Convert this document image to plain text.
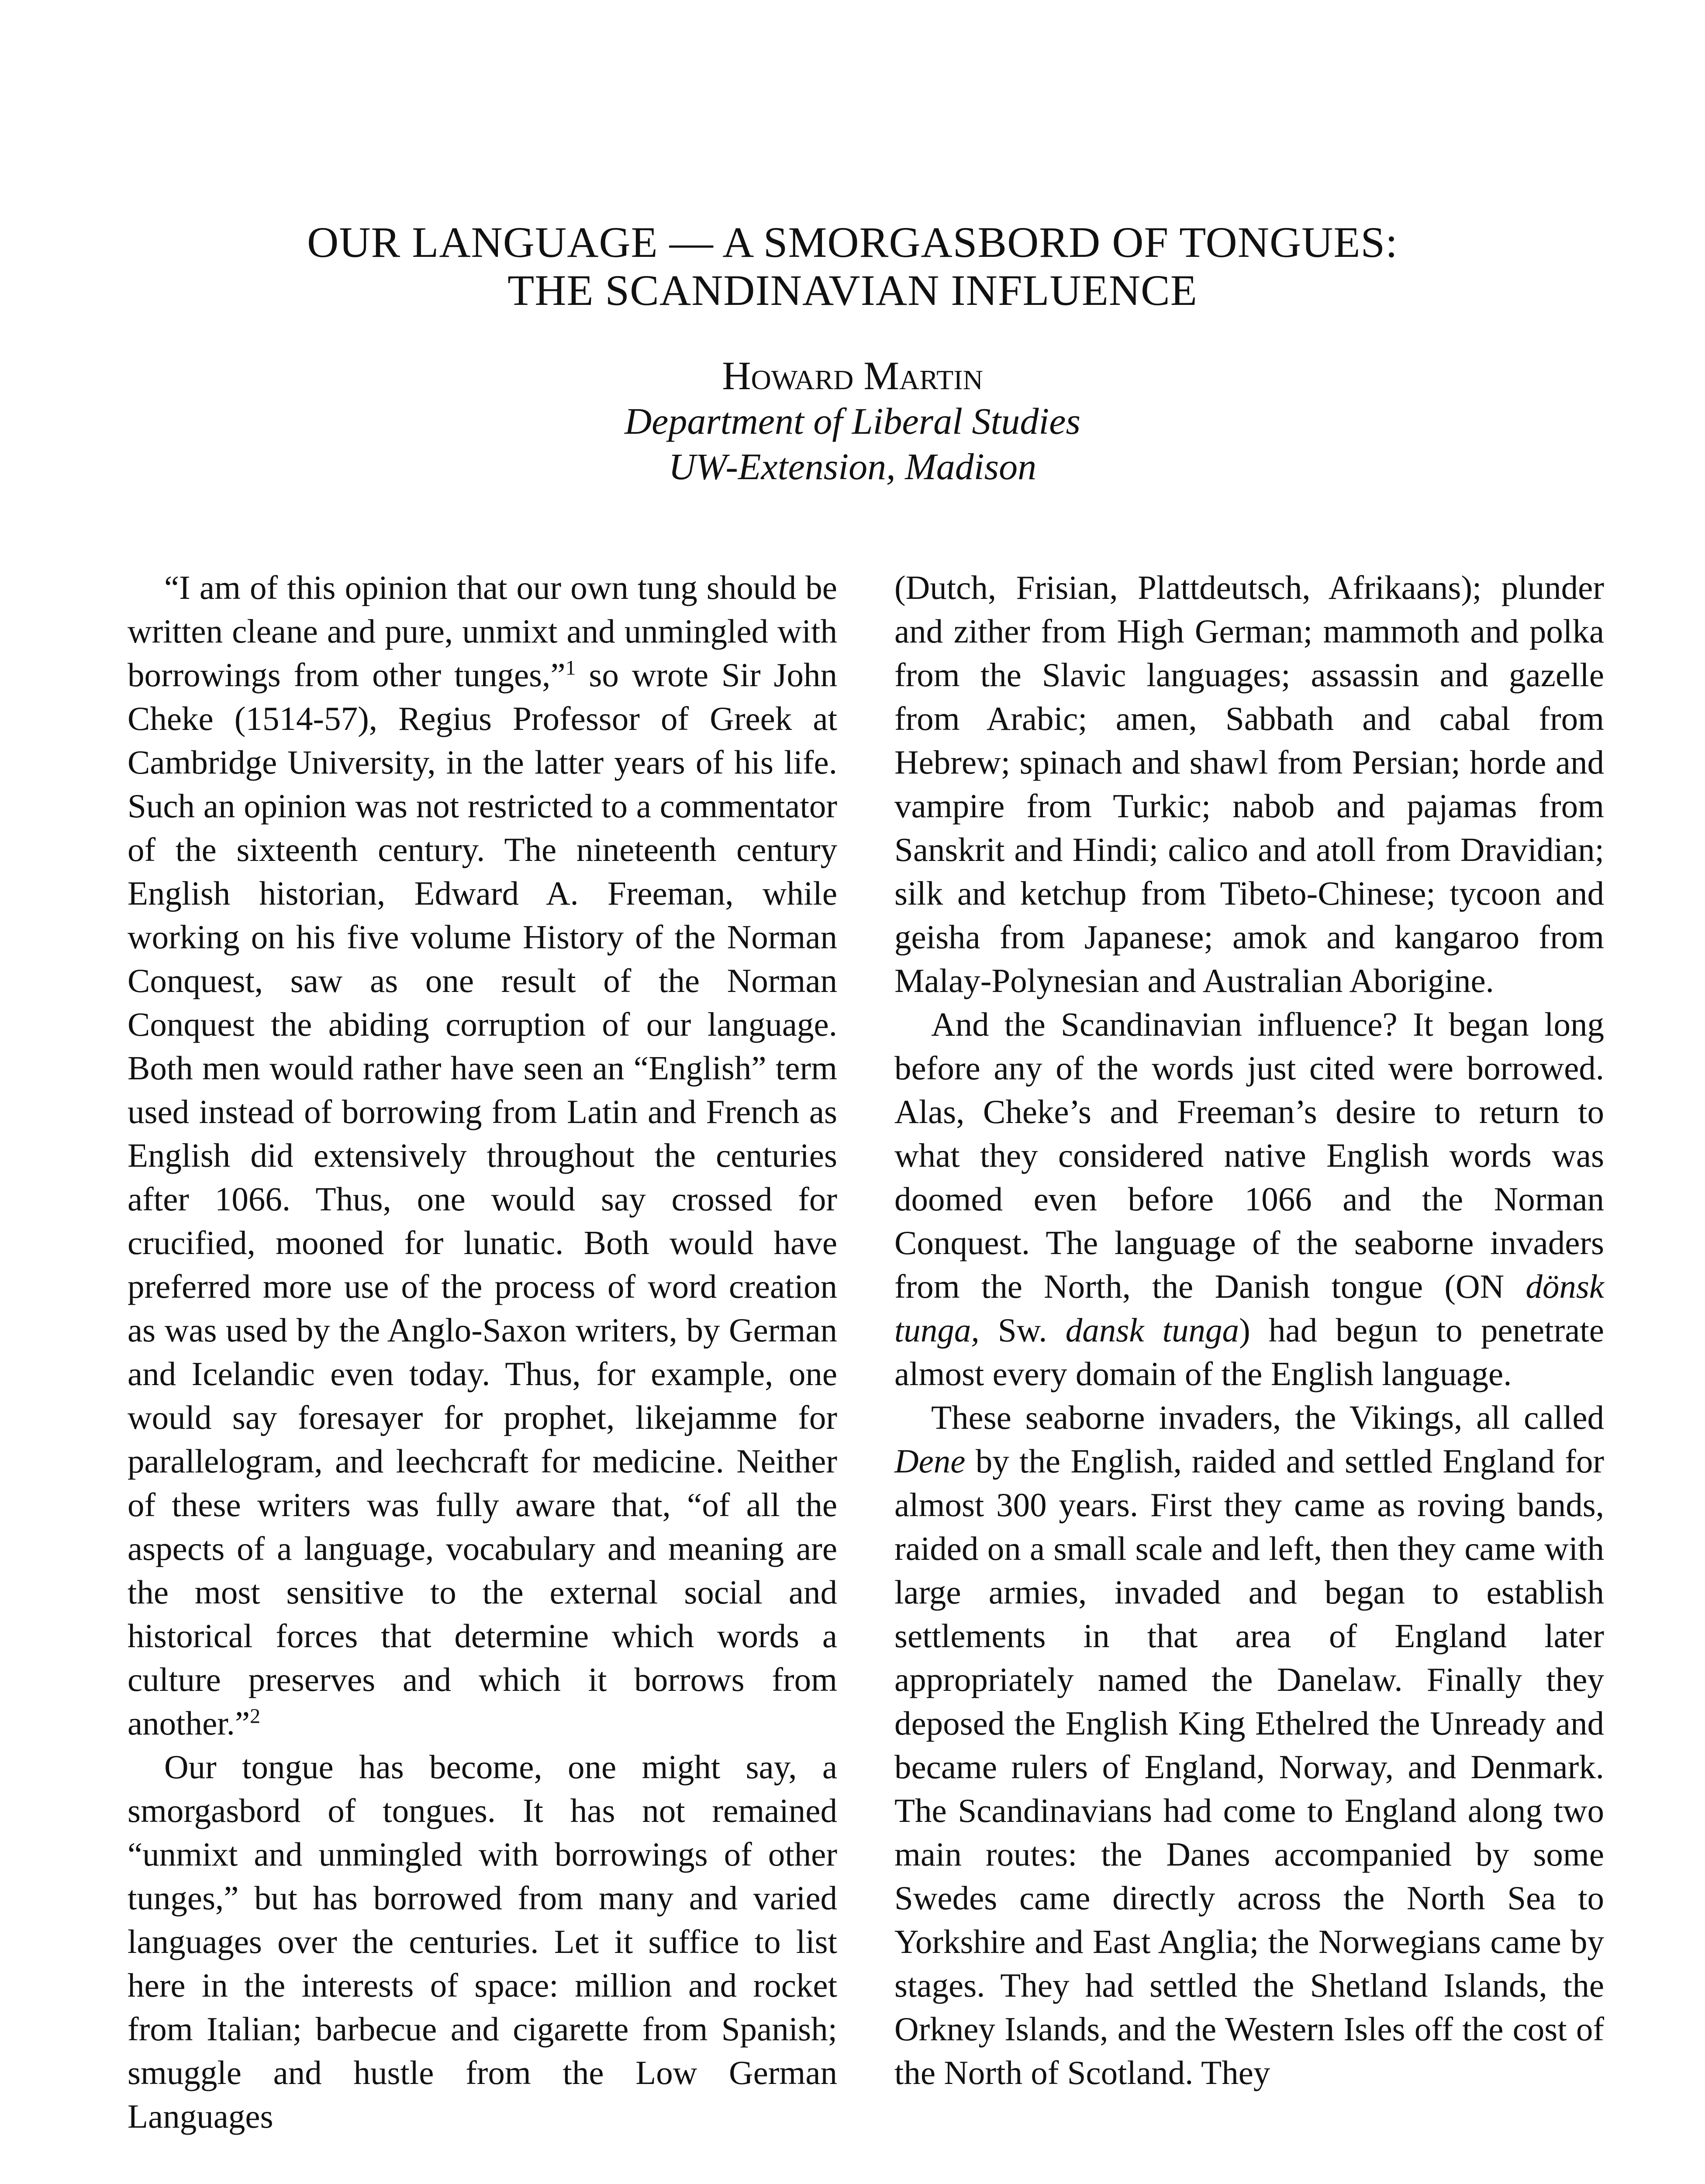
OUR LANGUAGE — A SMORGASBORD OF TONGUES:
THE SCANDINAVIAN INFLUENCE
Howard Martin
Department of Liberal Studies
UW-Extension, Madison

“I am of this opinion that our own tung should be written cleane and pure, unmixt and unmingled with borrowings from other tunges,”$^1$ so wrote Sir John Cheke (1514-57), Regius Professor of Greek at Cambridge University, in the latter years of his life. Such an opinion was not restricted to a commentator of the sixteenth century. The nineteenth century English historian, Edward A. Freeman, while working on his five volume History of the Norman Conquest, saw as one result of the Norman Conquest the abiding corruption of our language. Both men would rather have seen an “English” term used instead of borrowing from Latin and French as English did extensively throughout the centuries after 1066. Thus, one would say crossed for crucified, mooned for lunatic. Both would have preferred more use of the process of word creation as was used by the Anglo-Saxon writers, by German and Icelandic even today. Thus, for example, one would say foresayer for prophet, likejamme for parallelogram, and leechcraft for medicine. Neither of these writers was fully aware that, “of all the aspects of a language, vocabulary and meaning are the most sensitive to the external social and historical forces that determine which words a culture preserves and which it borrows from another.”$^2$

Our tongue has become, one might say, a smorgasbord of tongues. It has not remained “unmixt and unmingled with borrowings of other tunges,” but has borrowed from many and varied languages over the centuries. Let it suffice to list here in the interests of space: million and rocket from Italian; barbecue and cigarette from Spanish; smuggle and hustle from the Low German Languages

(Dutch, Frisian, Plattdeutsch, Afrikaans); plunder and zither from High German; mammoth and polka from the Slavic languages; assassin and gazelle from Arabic; amen, Sabbath and cabal from Hebrew; spinach and shawl from Persian; horde and vampire from Turkic; nabob and pajamas from Sanskrit and Hindi; calico and atoll from Dravidian; silk and ketchup from Tibeto-Chinese; tycoon and geisha from Japanese; amok and kangaroo from Malay-Polynesian and Australian Aborigine.

And the Scandinavian influence? It began long before any of the words just cited were borrowed. Alas, Cheke’s and Freeman’s desire to return to what they considered native English words was doomed even before 1066 and the Norman Conquest. The language of the seaborne invaders from the North, the Danish tongue (ON dönsk tunga, Sw. dansk tunga) had begun to penetrate almost every domain of the English language.

These seaborne invaders, the Vikings, all called Dene by the English, raided and settled England for almost 300 years. First they came as roving bands, raided on a small scale and left, then they came with large armies, invaded and began to establish settlements in that area of England later appropriately named the Danelaw. Finally they deposed the English King Ethelred the Unready and became rulers of England, Norway, and Denmark. The Scandinavians had come to England along two main routes: the Danes accompanied by some Swedes came directly across the North Sea to Yorkshire and East Anglia; the Norwegians came by stages. They had settled the Shetland Islands, the Orkney Islands, and the Western Isles off the cost of the North of Scotland. They
